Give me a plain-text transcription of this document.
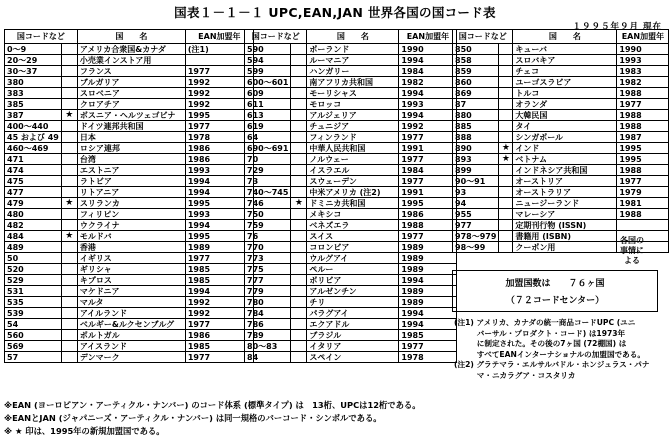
国表１－１－１ UPC,EAN,JAN 世界各国の国コード表
１９９５年９月 現在
国コードなど		国　　名	EAN加盟年
0～9		アメリカ合衆国&カナダ	(注1)
20～29		小売業インストア用	
30～37		フランス	1977
380		ブルガリア	1992
383		スロベニア	1992
385		クロアチア	1992
387	★	ボスニア・ヘルツェゴビナ	1995
400～440		ドイツ連邦共和国	1977
45 および 49		日本	1978
460～469		ロシア連邦	1986
471		台湾	1986
474		エストニア	1993
475		ラトビア	1994
477		リトアニア	1994
479	★	スリランカ	1995
480		フィリピン	1993
482		ウクライナ	1994
484	★	モルドバ	1995
489		香港	1989
50		イギリス	1977
520		ギリシャ	1985
529		キプロス	1985
531		マケドニア	1994
535		マルタ	1992
539		アイルランド	1992
54		ベルギー&ルクセンブルグ	1977
560		ポルトガル	1986
569		アイスランド	1985
57		デンマーク	1977
国コードなど		国　　名	EAN加盟年
590		ポーランド	1990
594		ルーマニア	1994
599		ハンガリー	1984
600～601		南アフリカ共和国	1982
609		モーリシャス	1994
611		モロッコ	1993
613		アルジェリア	1994
619		チュニジア	1992
64		フィンランド	1977
690～691		中華人民共和国	1991
70		ノルウェー	1977
729		イスラエル	1984
73		スウェーデン	1977
740～745		中米アメリカ (注2)	1991
746	★	ドミニカ共和国	1995
750		メキシコ	1986
759		ベネズエラ	1988
76		スイス	1977
770		コロンビア	1989
773		ウルグアイ	1989
775		ペルー	1989
777		ボリビア	1994
779		アルゼンチン	1989
780		チリ	1989
784		パラグアイ	1994
786		エクアドル	1994
789		ブラジル	1985
80～83		イタリア	1977
84		スペイン	1978
国コードなど		国　　名	EAN加盟年
850		キューバ	1990
858		スロバキア	1993
859		チェコ	1983
860		ユーゴスラビア	1982
869		トルコ	1988
87		オランダ	1977
880		大韓民国	1988
885		タイ	1988
888		シンガポール	1987
890	★	インド	1995
893	★	ベトナム	1995
899		インドネシア共和国	1988
90～91		オーストリア	1977
93		オーストラリア	1979
94		ニュージーランド	1981
955		マレーシア	1988
977		定期刊行物 (ISSN)	
978～979		書籍用 (ISBN)	
98～99		クーポン用	
各国の
事情に
よる
加盟国数は　　７６ヶ国
（７２コードセンター）
(注1) アメリカ、カナダの統一商品コードUPC (ユニ
　　　バーサル・プロダクト・コード) は1973年
　　　に制定された。その後の7ヶ国 (72棚国) は
　　　すべてEANインターナショナルの加盟国である。
(注2) グラテマラ・エルサルバドル・ホンジュラス・パナ
　　　マ・ニカラグア・コスタリカ
※EAN (ヨーロピアン・アーティクル・ナンバー) のコード体系 (標準タイプ) は　13桁、UPCは12桁である。
※EANとJAN (ジャパニーズ・アーティクル・ナンバー) は同一規格のバーコード・シンボルである。
※ ★ 印は、1995年の新規加盟国である。
